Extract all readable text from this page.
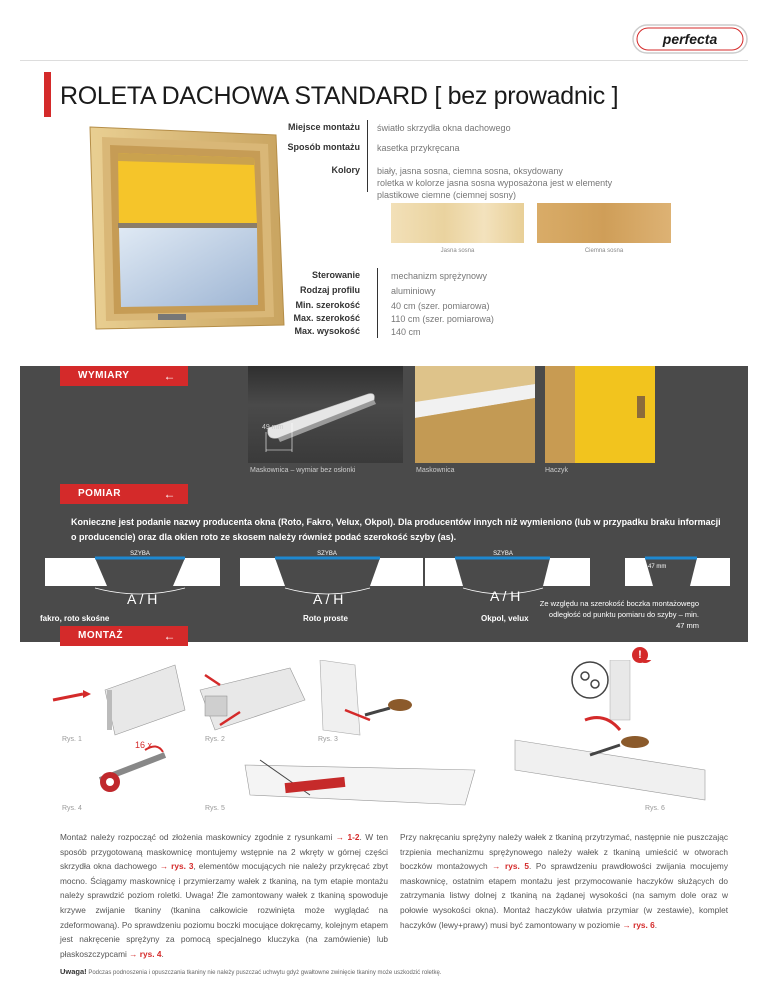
perfecta
ROLETA DACHOWA STANDARD [ bez prowadnic ]
Miejsce montażu światło skrzydła okna dachowego
Sposób montażu kasetka przykręcana
Kolory biały, jasna sosna, ciemna sosna, oksydowany
roletka w kolorze jasna sosna wyposażona jest w elementy plastikowe ciemne (ciemnej sosny)
Jasna sosna	Ciemna sosna
Sterowanie	mechanizm sprężynowy
Rodzaj profilu	aluminiowy
Min. szerokość	40 cm (szer. pomiarowa)
Max. szerokość	110 cm (szer. pomiarowa)
Max. wysokość	140 cm
WYMIARY	←
49 mm
Maskownica – wymiar bez osłonki	Maskownica	Haczyk
POMIAR	←
Konieczne jest podanie nazwy producenta okna (Roto, Fakro, Velux, Okpol). Dla producentów innych niż wymieniono (lub w przypadku braku informacji o producencie) oraz dla okien roto ze skosem należy również podać szerokość szyby (as).
SZYBA
A / H
SZYBA
A / H
SZYBA
A / H
min. 47 mm
fakro, roto skośne	Roto proste	Okpol, velux
Ze względu na szerokość boczka montażowego odległość od punktu pomiaru do szyby – min. 47 mm
MONTAŻ	←
!
Rys. 1	Rys. 2	Rys. 3
16 x
Rys. 4	Rys. 5	Rys. 6
Montaż należy rozpocząć od złożenia maskownicy zgodnie z rysunkami → 1-2. W ten sposób przygotowaną maskownicę montujemy wstępnie na 2 wkręty w górnej części skrzydła okna dachowego → rys. 3, elementów mocujących nie należy przykręcać zbyt mocno. Ściągamy maskownicę i przymierzamy wałek z tkaniną, na tym etapie montażu należy sprawdzić poziom roletki. Uwaga! Źle zamontowany wałek z tkaniną spowoduje krzywe zwijanie tkaniny (tkanina całkowicie rozwinięta może wyglądać na zdeformowaną). Po sprawdzeniu poziomu boczki mocujące dokręcamy, kolejnym etapem jest nakręcenie sprężyny za pomocą specjalnego kluczyka (na zamówienie) lub płaskoszczypcami → rys. 4.
Przy nakręcaniu sprężyny należy wałek z tkaniną przytrzymać, następnie nie puszczając trzpienia mechanizmu sprężynowego należy wałek z tkaniną umieścić w otworach boczków montażowych → rys. 5. Po sprawdzeniu prawdłowości zwijania mocujemy maskownicę, ostatnim etapem montażu jest przymocowanie haczyków służących do zatrzymania listwy dolnej z tkaniną na żądanej wysokości (na samym dole oraz w połowie wysokości okna). Montaż haczyków ułatwia przymiar (w zestawie), komplet haczyków (lewy+prawy) musi być zamontowany w poziomie → rys. 6.
Uwaga! Podczas podnoszenia i opuszczania tkaniny nie należy puszczać uchwytu gdyż gwałtowne zwinięcie tkaniny może uszkodzić roletkę.
